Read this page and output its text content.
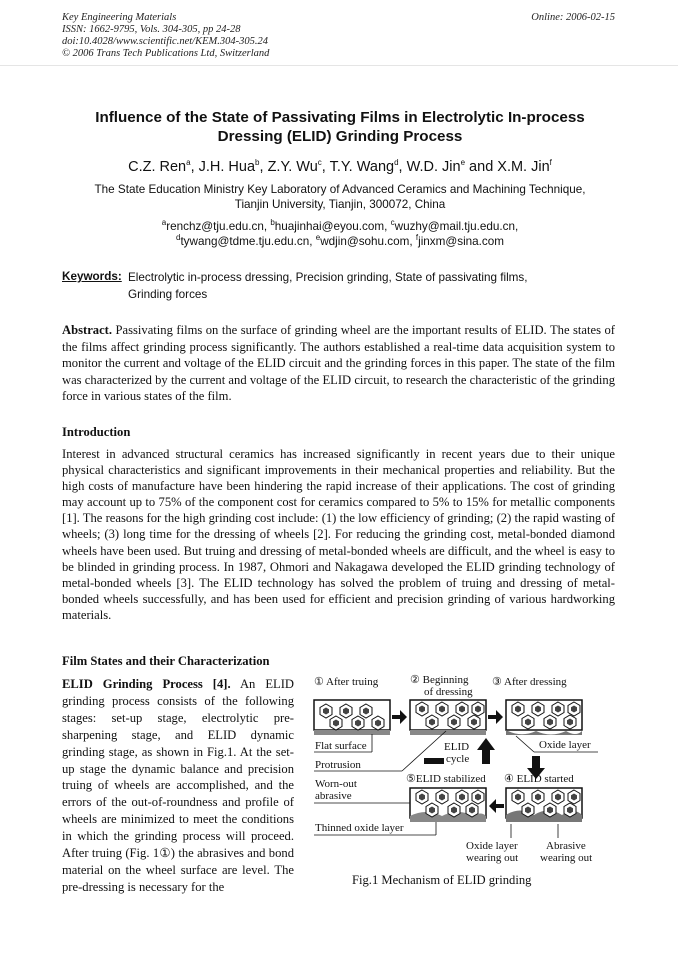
Key Engineering Materials
ISSN: 1662-9795, Vols. 304-305, pp 24-28
doi:10.4028/www.scientific.net/KEM.304-305.24
© 2006 Trans Tech Publications Ltd, Switzerland
Online: 2006-02-15
Influence of the State of Passivating Films in Electrolytic In-process
Dressing (ELID) Grinding Process
C.Z. Ren$^a$, J.H. Hua$^b$, Z.Y. Wu$^c$, T.Y. Wang$^d$, W.D. Jin$^e$ and X.M. Jin$^f$
The State Education Ministry Key Laboratory of Advanced Ceramics and Machining Technique,
Tianjin University, Tianjin, 300072, China
$^a$renchz@tju.edu.cn, $^b$huajinhai@eyou.com, $^c$wuzhy@mail.tju.edu.cn,
$^d$tywang@tdme.tju.edu.cn, $^e$wdjin@sohu.com, $^f$jinxm@sina.com
Keywords: Electrolytic in-process dressing, Precision grinding, State of passivating films,
Grinding forces
Abstract. Passivating films on the surface of grinding wheel are the important results of ELID. The states of the films affect grinding process significantly. The authors established a real-time data acquisition system to monitor the current and voltage of the ELID circuit and the grinding forces in this paper. The state of the film was characterized by the current and voltage of the ELID circuit, to research the characteristic of the grinding force in various states of the film.
Introduction
Interest in advanced structural ceramics has increased significantly in recent years due to their unique physical characteristics and significant improvements in their mechanical properties and reliability. But the high costs of manufacture have been hindering the rapid increase of their applications. The cost of grinding may account up to 75% of the component cost for ceramics compared to 5% to 15% for metallic components [1]. The reasons for the high grinding cost include: (1) the low efficiency of grinding; (2) the rapid wasting of wheels; (3) long time for the dressing of wheels [2]. For reducing the grinding cost, metal-bonded diamond wheels have been used. But truing and dressing of metal-bonded wheels are difficult, and the wheel is easy to be blinded in grinding process. In 1987, Ohmori and Nakagawa developed the ELID grinding technology of metal-bonded wheels [3]. The ELID technology has solved the problem of truing and dressing of metal-bonded wheels successfully, and has been used for efficient and precision grinding of various hardworking materials.
Film States and their Characterization
ELID Grinding Process [4]. An ELID grinding process consists of the following stages: set-up stage, electrolytic pre-sharpening stage, and ELID dynamic grinding stage, as shown in Fig.1. At the set-up stage the dynamic balance and precision truing of wheels are accomplished, and the errors of the out-of-roundness and profile of wheels are minimized to meet the conditions in which the grinding process will proceed. After truing (Fig. 1①) the abrasives and bond material on the wheel surface are level. The pre-dressing is necessary for the
① After truing	② Beginning
of dressing
③ After dressing
Flat surface
Protrusion
ELID
cycle
Oxide layer
⑤ELID stabilized ④ ELID started
Worn-out
abrasive
Thinned oxide layer
Oxide layer
wearing out
Abrasive
wearing out
Fig.1 Mechanism of ELID grinding
